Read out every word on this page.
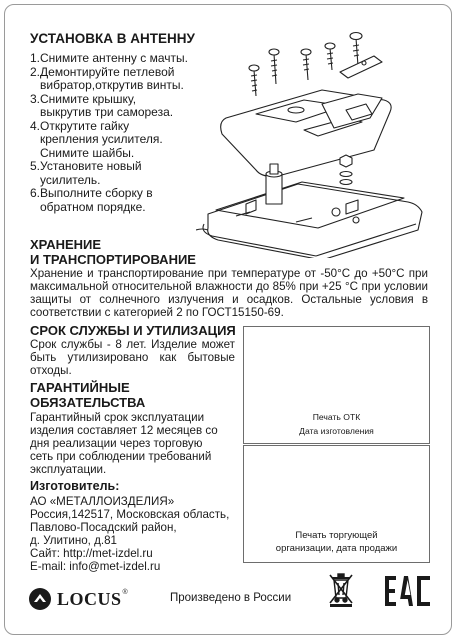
УСТАНОВКА В АНТЕННУ
1.Снимите антенну с мачты.
2.Демонтируйте петлевой
вибратор,открутив винты.
3.Снимите крышку,
выкрутив три самореза.
4.Открутите гайку
крепления усилителя.
Снимите шайбы.
5.Установите новый
усилитель.
6.Выполните сборку в
обратном порядке.
ХРАНЕНИЕ
И ТРАНСПОРТИРОВАНИЕ
Хранение и транспортирование при температуре от -50°С до +50°С при максимальной относительной влажности до 85% при +25 °С при условии защиты от солнечного излучения и осадков. Остальные условия в соответствии с категорией 2 по ГОСТ15150-69.
СРОК СЛУЖБЫ И УТИЛИЗАЦИЯ
Срок службы - 8 лет. Изделие может быть утилизировано как бытовые отходы.
ГАРАНТИЙНЫЕ
ОБЯЗАТЕЛЬСТВА
Гарантийный срок эксплуатации
изделия составляет 12 месяцев со
дня реализации через торговую
сеть при соблюдении требований
эксплуатации.
Изготовитель:
АО «МЕТАЛЛОИЗДЕЛИЯ»
Россия,142517, Московская область,
Павлово-Посадский район,
д. Улитино, д.81
Сайт: http://met-izdel.ru
E-mail: info@met-izdel.ru
Печать ОТК
Дата изготовления
Печать торгующей
организации, дата продажи
LOCUS ®	Произведено в России
